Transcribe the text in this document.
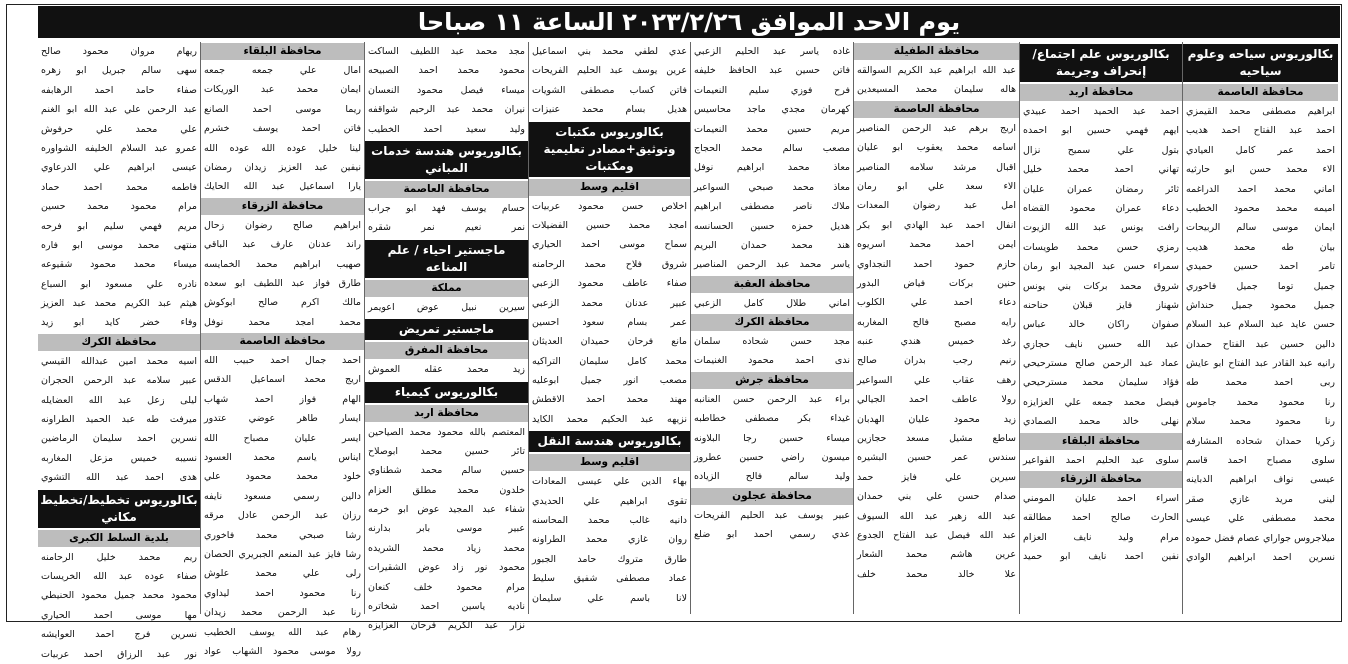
يوم الاحد الموافق ٢٠٢٣/٢/٢٦ الساعة ١١ صباحا
بكالوريوس سياحه وعلوم سياحيه
محافظة العاصمة
ابراهيم مصطفى محمد القيمزي
احمد عبد الفتاح احمد هديب
احمد عمر كامل العيادي
الاء محمد حسن ابو حارثيه
اماني محمد احمد الدراغمه
اميمه محمد محمود الخطيب
ايمان موسى سالم الربيحات
بيان طه محمد هديب
تامر احمد حسين حميدي
جميل توما جميل فاخوري
جميل محمود جميل حنداش
حسن عايد عبد السلام عبد السلام
دالين حسين عبد الفتاح حمدان
رانيه عبد القادر عبد الفتاح ابو عايش
ربى احمد محمد طه
رنا محمود محمد جاموس
رنا محمود محمد سلام
زكريا حمدان شحاده المشارفه
سلوى مصباح احمد قاسم
عيسى نواف ابراهيم الدباينه
لينى مريد غازي صقر
محمد مصطفى علي عيسى
ميلاجروس جواراي عصام فضل حموده
نسرين احمد ابراهيم الوادي
بكالوريوس علم اجتماع/ إنحراف وجريمة
محافظة اربد
احمد عبد الحميد احمد عبيدي
ايهم فهمي حسين ابو احمده
بتول علي سميح نزال
تهاني احمد محمد خليل
ثائر رمضان عمران عليان
دعاء عمران محمود القضاه
رافت يونس عبد الله الزيوت
رمزي حسن محمد طويسات
سمراء حسن عبد المجيد ابو رمان
شروق محمد بركات بني يونس
شهناز فايز قبلان حناحنه
صفوان راكان خالد عباس
عبد الله حسين نايف حجازي
عماد عبد الرحمن صالح مسترحيحي
فؤاد سليمان محمد مسترحيحي
فيصل محمد جمعه علي العزايزه
نهلى خالد محمد الصمادي
محافظة البلقاء
سلوى عبد الحليم احمد الفواعير
محافظة الزرقاء
اسراء احمد عليان المومني
الحارث صالح احمد مطالقه
مرام وليد نايف العزام
نفين احمد نايف ابو حميد
محافظة الطفيلة
عبد الله ابراهيم عبد الكريم السوالقه
هاله سليمان محمد المسيعدين
محافظة العاصمة
اريج برهم عبد الرحمن المناصير
اسامه محمد يعقوب ابو عليان
اقبال مرشد سلامه المناصير
الاء سعد علي ابو رمان
امل عبد رضوان المعدات
انفال احمد عبد الهادي ابو بكر
ايمن احمد محمد اسريوه
حازم حمود احمد النجداوي
حنين بركات فياض البدور
دعاء احمد علي الكلوب
رايه مصبح فالح المغاربه
رغد خميس هندي عنبه
رنيم رجب بدران صالح
رهف عقاب علي السواعير
رولا عاطف احمد الجيالي
زيد محمود عليان الهدبان
ساطع مشيل مسعد حجازين
سندس عمر حسين البشيره
سيرين علي فايز حمد
صدام حسن علي بني حمدان
عبد الله زهير عبد الله السيوف
عبد الله فيصل عبد الفتاح الجدوع
عرين هاشم محمد الشعار
علا خالد محمد خلف
غاده ياسر عبد الحليم الزعبي
فاتن حسين عبد الحافظ خليفه
فرح فوزي سليم النعيمات
كهرمان مجدي ماجد محاسيس
مريم حسين محمد النعيمات
مصعب سالم محمد الحجاج
معاذ محمد ابراهيم نوفل
معاذ محمد صبحي السواعير
ملاك ناصر مصطفى ابراهيم
هديل حمزه حسين الحسانسه
هند محمد حمدان البريم
ياسر محمد عبد الرحمن المناصير
محافظة العقبة
اماني طلال كامل الزعبي
محافظة الكرك
مجد حسن شحاده سلمان
ندى احمد محمود الغنيمات
محافظة جرش
براء عبد الرحمن حسن العنانبه
غيداء بكر مصطفى خطاطبه
ميساء حسين رجا البلاونه
ميسون راضي حسين عطروز
وليد سالم فالح الزياده
محافظة عجلون
عبير يوسف عبد الحليم الفريحات
عدي رسمي احمد ابو ضلع
عدي لطفي محمد بني اسماعيل
عرين يوسف عبد الحليم الفريحات
فاتن كساب مصطفى الشويات
هديل بسام محمد عنيزات
بكالوريوس مكتبات وتوثيق+مصادر تعليمية ومكتبات
اقليم وسط
اخلاص حسن محمود عربيات
امجد محمد حسين الفضيلات
سماح موسى احمد الحياري
شروق فلاح محمد الرحامنه
صفاء عاطف محمود الزعبي
عبير عدنان محمد الزعبي
عمر بسام سعود احسين
مانع فرحان حميدان العديثان
محمد كامل سليمان التراكيه
مصعب انور جميل ابوعليه
مهند محمد احمد الاقطش
نزيهه عبد الحكيم محمد الكايد
بكالوريوس هندسة النقل
اقليم وسط
بهاء الدين علي عيسى المعادات
تقوى ابراهيم علي الحديدي
دانيه غالب محمد المحاسنه
روان غازي محمد الطراونه
طارق متروك حامد الجبور
عماد مصطفى شفيق سليط
لانا باسم علي سليمان
مجد محمد عبد اللطيف الساكت
محمود محمد احمد الصبيحه
ميساء فيصل محمود النعسان
نيران محمد عبد الرحيم شواقفه
وليد سعيد احمد الخطيب
بكالوريوس هندسة خدمات المباني
محافظة العاصمة
حسام يوسف فهد ابو جراب
نمر نعيم نمر شقره
ماجستير احياء / علم المناعه
مملكة
سيرين نبيل عوض اعويمر
ماجستير تمريض
محافظة المفرق
زيد محمد عقله العموش
بكالوريوس كيمياء
محافظة اربد
المعتصم بالله محمود محمد الصياحين
تائر حسين محمد ابوصلاح
حسين سالم محمد شطناوي
خلدون محمد مطلق العزام
شفاء عبد المجيد عوض ابو خرمه
عبير موسى بابر بدارنه
محمد زياد محمد الشريده
محمود نور زاد عوض الشقيرات
مرام محمود خلف كنعان
ناديه ياسين احمد شخاتره
نزار عبد الكريم فرحان العزايزه
محافظة البلقاء
امال علي جمعه جمعه
ايمان محمد عبد الوريكات
ريما موسى احمد الصانع
فاتن احمد يوسف خشرم
لينا خليل عوده الله عوده الله
نيفين عبد العزيز زيدان رمضان
يارا اسماعيل عبد الله الحايك
محافظة الزرقاء
ابراهيم صالح رضوان زحال
راند عدنان عارف عبد الباقي
صهيب ابراهيم محمد الخمايسه
طارق فواز عبد اللطيف ابو سعده
مالك اكرم صالح ابوكوش
محمد امجد محمد نوفل
محافظة العاصمة
احمد جمال احمد حبيب الله
اريج محمد اسماعيل الدقس
الهام فواز احمد شهاب
ايسار طاهر عوضي عتدور
ايسر عليان مصباح الله
ايناس ياسم محمد العسود
خلود محمد محمود علي
دالين رسمي مسعود نايفه
رزان عبد الرحمن عادل مرقه
رشا صبحي محمد فاخوري
رشا فايز عبد المنعم الجبريري الحصان
رلى علي محمد علوش
رنا محمود احمد ليداوي
رنا عبد الرحمن محمد زيدان
رهام عبد الله يوسف الخطيب
رولا موسى محمود الشهاب عواد
ريهام مروان محمود صالح
سهى سالم جبريل ابو زهره
صفاء حامد احمد الرهابفه
عبد الرحمن علي عبد الله ابو الغنم
علي محمد علي حرفوش
عمرو عبد السلام الخليفه الشواوره
عيسى ابراهيم علي الدرعاوي
فاطمه محمد احمد حماد
مرام محمود محمد حسين
مريم فهمي سليم ابو فرحه
منتهى محمد موسى ابو فاره
ميساء محمد محمود شقيوعه
نادره علي مسعود ابو السباع
هيثم عبد الكريم محمد عبد العزيز
وفاء خضر كايد ابو زيد
محافظة الكرك
اسيه محمد امين عبدالله القيسي
عبير سلامه عبد الرحمن الحجران
ليلى زعل عبد الله العضايله
ميرفت طه عبد الحميد الطراونه
نسرين احمد سليمان الرماضين
نسيبه خميس مزعل المغاربه
هدى احمد عبد الله التشوي
بكالوريوس تخطيط/تخطيط مكاني
بلدية السلط الكبرى
ريم محمد خليل الرحامنه
صفاء عوده عبد الله الخريسات
محمود محمد جميل محمود الحنيطي
مها موسى احمد الحياري
نسرين فرج احمد العوايشه
نور عبد الرزاق احمد عربيات
